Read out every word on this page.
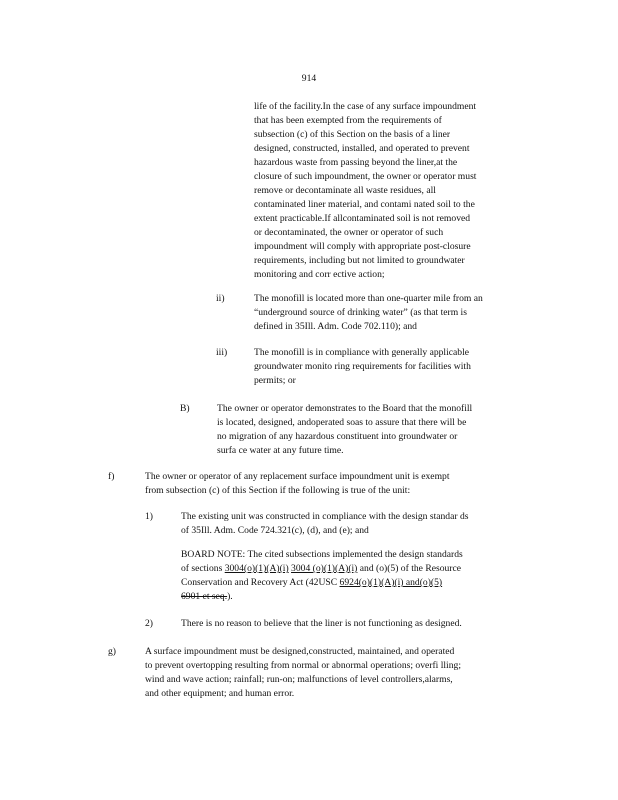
914
life of the facility.In the case of any surface impoundment
that has been exempted from the requirements of
subsection (c) of this Section on the basis of a liner
designed, constructed, installed, and operated to prevent
hazardous waste from passing beyond the liner,at the
closure of such impoundment, the owner or operator must
remove or decontaminate all waste residues, all
contaminated liner material, and contami nated soil to the
extent practicable.If allcontaminated soil is not removed
or decontaminated, the owner or operator of such
impoundment will comply with appropriate post-closure
requirements, including but not limited to groundwater
monitoring and corr ective action;
ii)	The monofill is located more than one-quarter mile from an
“underground source of drinking water” (as that term is
defined in 35Ill. Adm. Code 702.110); and
iii)	The monofill is in compliance with generally applicable
groundwater monito ring requirements for facilities with
permits; or
B)	The owner or operator demonstrates to the Board that the monofill
is located, designed, andoperated soas to assure that there will be
no migration of any hazardous constituent into groundwater or
surfa ce water at any future time.
f)	The owner or operator of any replacement surface impoundment unit is exempt
from subsection (c) of this Section if the following is true of the unit:
1)	The existing unit was constructed in compliance with the design standar ds
of 35Ill. Adm. Code 724.321(c), (d), and (e); and
BOARD NOTE: The cited subsections implemented the design standards
of sections 3004(o)(1)(A)(i) 3004 (o)(1)(A)(i) and (o)(5) of the Resource
Conservation and Recovery Act (42USC 6924(o)(1)(A)(i) and(o)(5)
6901 et seq.).
2)	There is no reason to believe that the liner is not functioning as designed.
g)	A surface impoundment must be designed,constructed, maintained, and operated
to prevent overtopping resulting from normal or abnormal operations; overfi lling;
wind and wave action; rainfall; run-on; malfunctions of level controllers,alarms,
and other equipment; and human error.
